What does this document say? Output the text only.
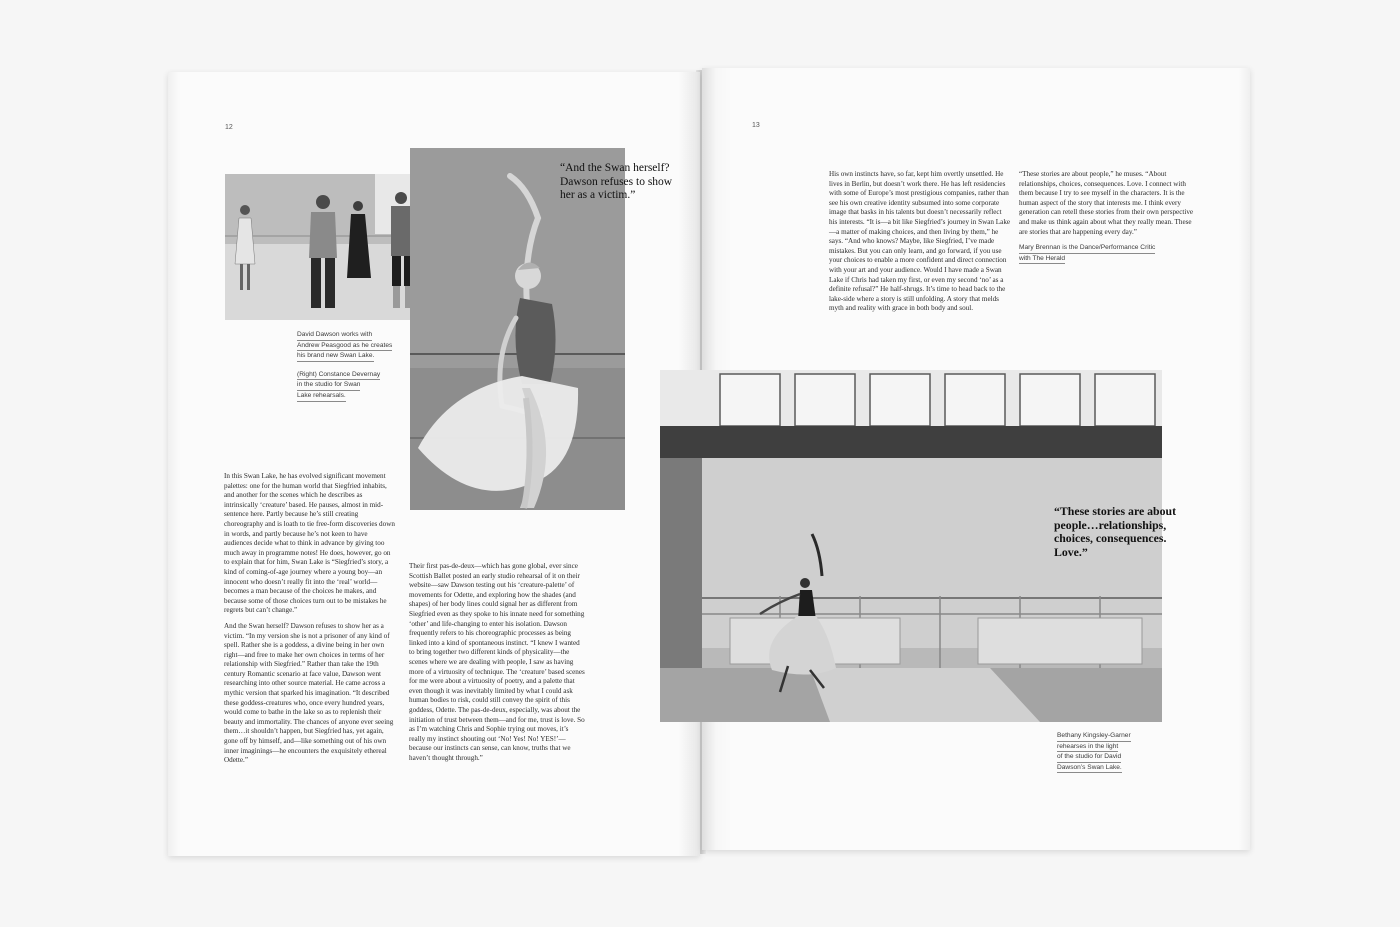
12
“And the Swan herself? Dawson refuses to show her as a victim.”
David Dawson works with
Andrew Peasgood as he creates
his brand new Swan Lake.
(Right) Constance Devernay
in the studio for Swan
Lake rehearsals.

In this Swan Lake, he has evolved significant movement palettes: one for the human world that Siegfried inhabits, and another for the scenes which he describes as intrinsically ‘creature’ based. He pauses, almost in mid-sentence here. Partly because he’s still creating choreography and is loath to tie free-form discoveries down in words, and partly because he’s not keen to have audiences decide what to think in advance by giving too much away in programme notes! He does, however, go on to explain that for him, Swan Lake is “Siegfried’s story, a kind of coming-of-age journey where a young boy—an innocent who doesn’t really fit into the ‘real’ world—becomes a man because of the choices he makes, and because some of those choices turn out to be mistakes he regrets but can’t change.”

And the Swan herself? Dawson refuses to show her as a victim. “In my version she is not a prisoner of any kind of spell. Rather she is a goddess, a divine being in her own right—and free to make her own choices in terms of her relationship with Siegfried.” Rather than take the 19th century Romantic scenario at face value, Dawson went researching into other source material. He came across a mythic version that sparked his imagination. “It described these goddess-creatures who, once every hundred years, would come to bathe in the lake so as to replenish their beauty and immortality. The chances of anyone ever seeing them…it shouldn’t happen, but Siegfried has, yet again, gone off by himself, and—like something out of his own inner imaginings—he encounters the exquisitely ethereal Odette.”

Their first pas-de-deux—which has gone global, ever since Scottish Ballet posted an early studio rehearsal of it on their website—saw Dawson testing out his ‘creature-palette’ of movements for Odette, and exploring how the shades (and shapes) of her body lines could signal her as different from Siegfried even as they spoke to his innate need for something ‘other’ and life-changing to enter his isolation. Dawson frequently refers to his choreographic processes as being linked into a kind of spontaneous instinct. “I knew I wanted to bring together two different kinds of physicality—the scenes where we are dealing with people, I saw as having more of a virtuosity of technique. The ‘creature’ based scenes for me were about a virtuosity of poetry, and a palette that even though it was inevitably limited by what I could ask human bodies to risk, could still convey the spirit of this goddess, Odette. The pas-de-deux, especially, was about the initiation of trust between them—and for me, trust is love. So as I’m watching Chris and Sophie trying out moves, it’s really my instinct shouting out ‘No! Yes! No! YES!’—because our instincts can sense, can know, truths that we haven’t thought through.”

13

His own instincts have, so far, kept him overtly unsettled. He lives in Berlin, but doesn’t work there. He has left residencies with some of Europe’s most prestigious companies, rather than see his own creative identity subsumed into some corporate image that basks in his talents but doesn’t necessarily reflect his interests. “It is—a bit like Siegfried’s journey in Swan Lake—a matter of making choices, and then living by them,” he says. “And who knows? Maybe, like Siegfried, I’ve made mistakes. But you can only learn, and go forward, if you use your choices to enable a more confident and direct connection with your art and your audience. Would I have made a Swan Lake if Chris had taken my first, or even my second ‘no’ as a definite refusal?” He half-shrugs. It’s time to head back to the lake-side where a story is still unfolding. A story that melds myth and reality with grace in both body and soul.

“These stories are about people,” he muses. “About relationships, choices, consequences. Love. I connect with them because I try to see myself in the characters. It is the human aspect of the story that interests me. I think every generation can retell these stories from their own perspective and make us think again about what they really mean. These are stories that are happening every day.”

Mary Brennan is the Dance/Performance Critic
with The Herald
“These stories are about people…relationships, choices, consequences. Love.”
Bethany Kingsley-Garner
rehearses in the light
of the studio for David
Dawson’s Swan Lake.
